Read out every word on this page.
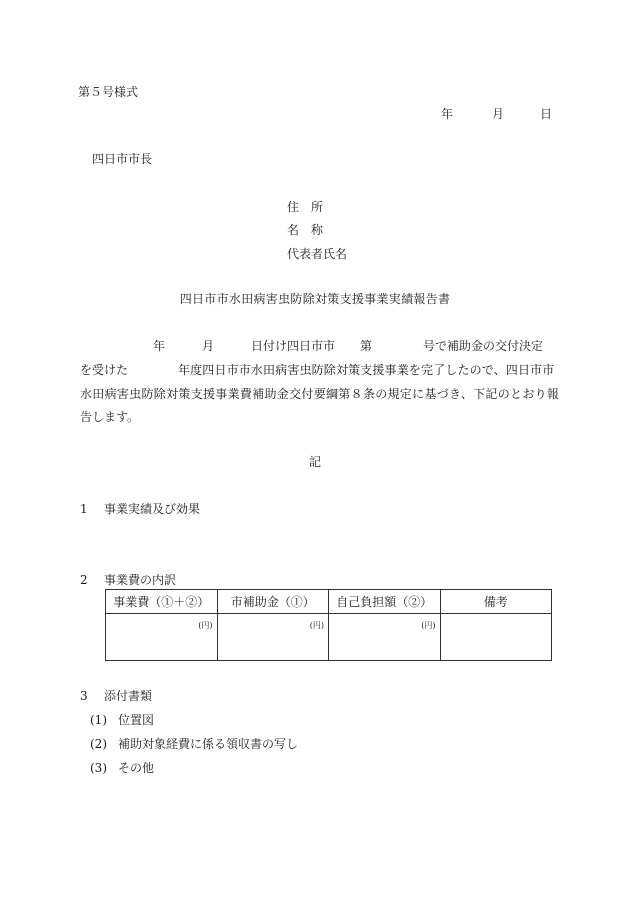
第５号様式
年	月	日
四日市市長
住　所
名　称
代表者氏名
四日市市水田病害虫防除対策支援事業実績報告書
年	月	日付け四日市市 第	号で補助金の交付決定
を受けた	年度四日市市水田病害虫防除対策支援事業を完了したので、四日市市
水田病害虫防除対策支援事業費補助金交付要綱第８条の規定に基づき、下記のとおり報
告します。
記
1 事業実績及び効果
2 事業費の内訳
事業費（①＋②）	市補助金（①）	自己負担額（②）	備考
(円)	(円)	(円)	
3 添付書類
(1) 位置図
(2) 補助対象経費に係る領収書の写し
(3) その他
